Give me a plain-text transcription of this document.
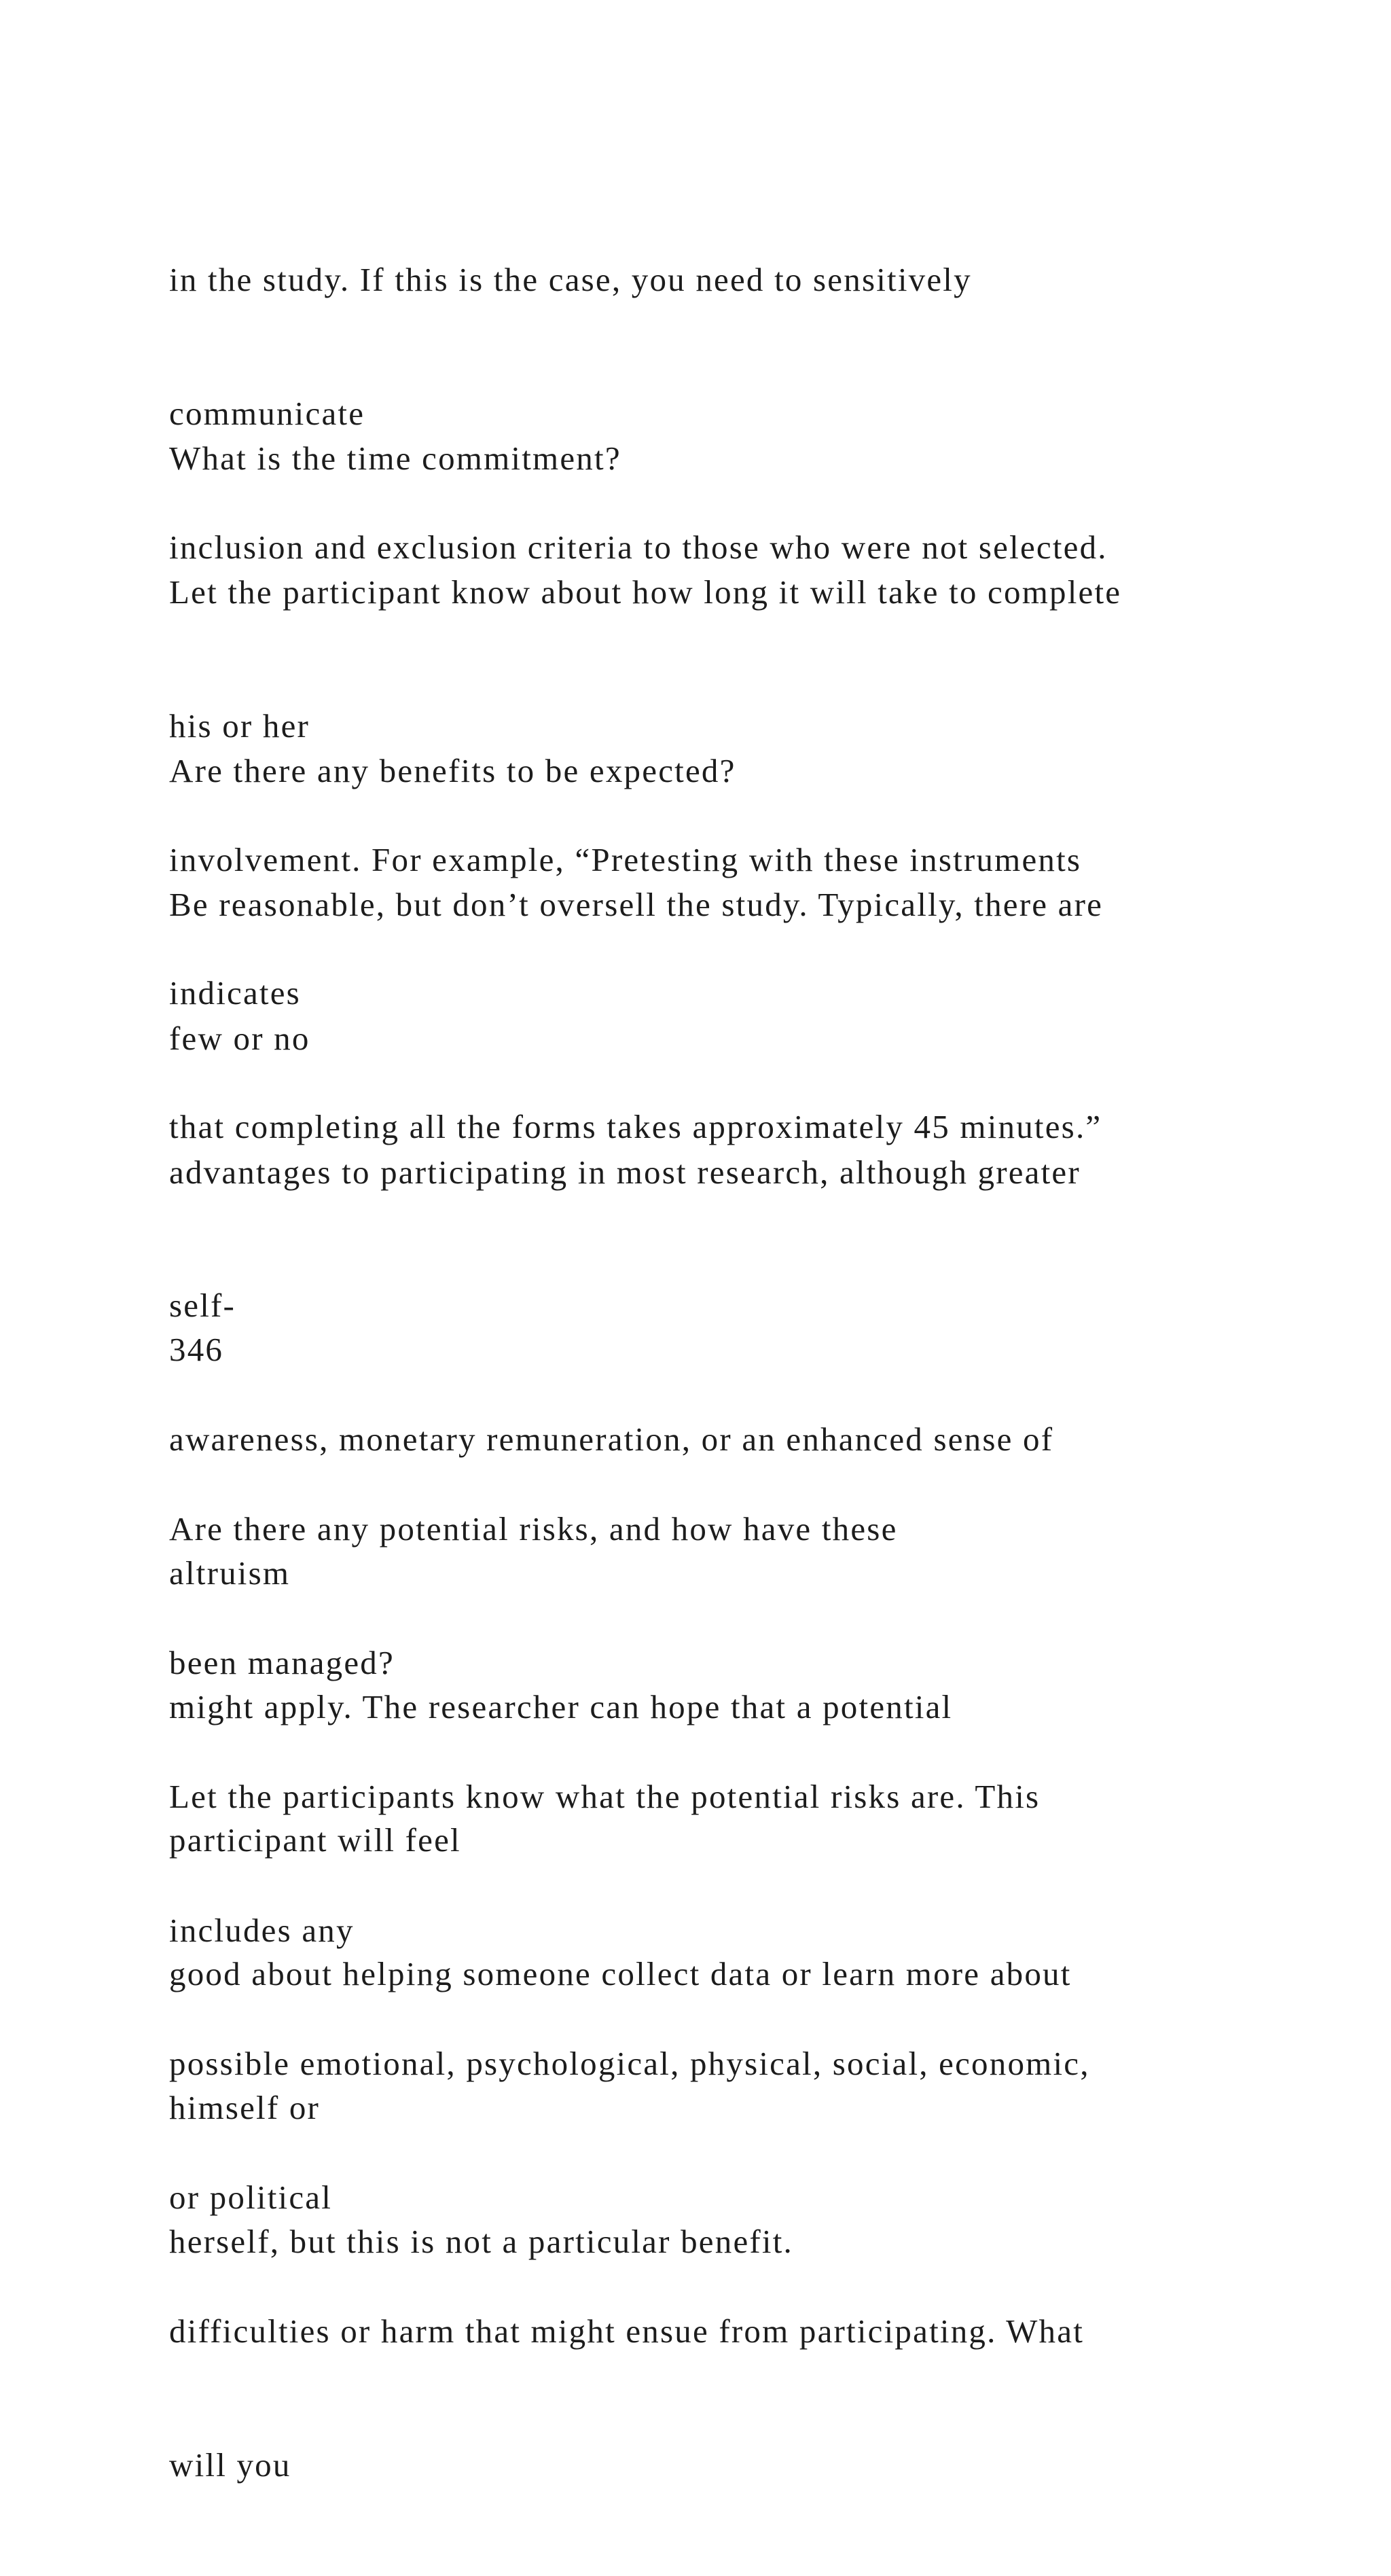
in the study. If this is the case, you need to sensitively

communicate

inclusion and exclusion criteria to those who were not selected.

What is the time commitment?

Let the participant know about how long it will take to complete

his or her

involvement. For example, “Pretesting with these instruments

indicates

that completing all the forms takes approximately 45 minutes.”

Are there any benefits to be expected?

Be reasonable, but don’t oversell the study. Typically, there are

few or no

advantages to participating in most research, although greater

self-

awareness, monetary remuneration, or an enhanced sense of

altruism

might apply. The researcher can hope that a potential

participant will feel

good about helping someone collect data or learn more about

himself or

herself, but this is not a particular benefit.

346

Are there any potential risks, and how have these

been managed?

Let the participants know what the potential risks are. This

includes any

possible emotional, psychological, physical, social, economic,

or political

difficulties or harm that might ensue from participating. What

will you
